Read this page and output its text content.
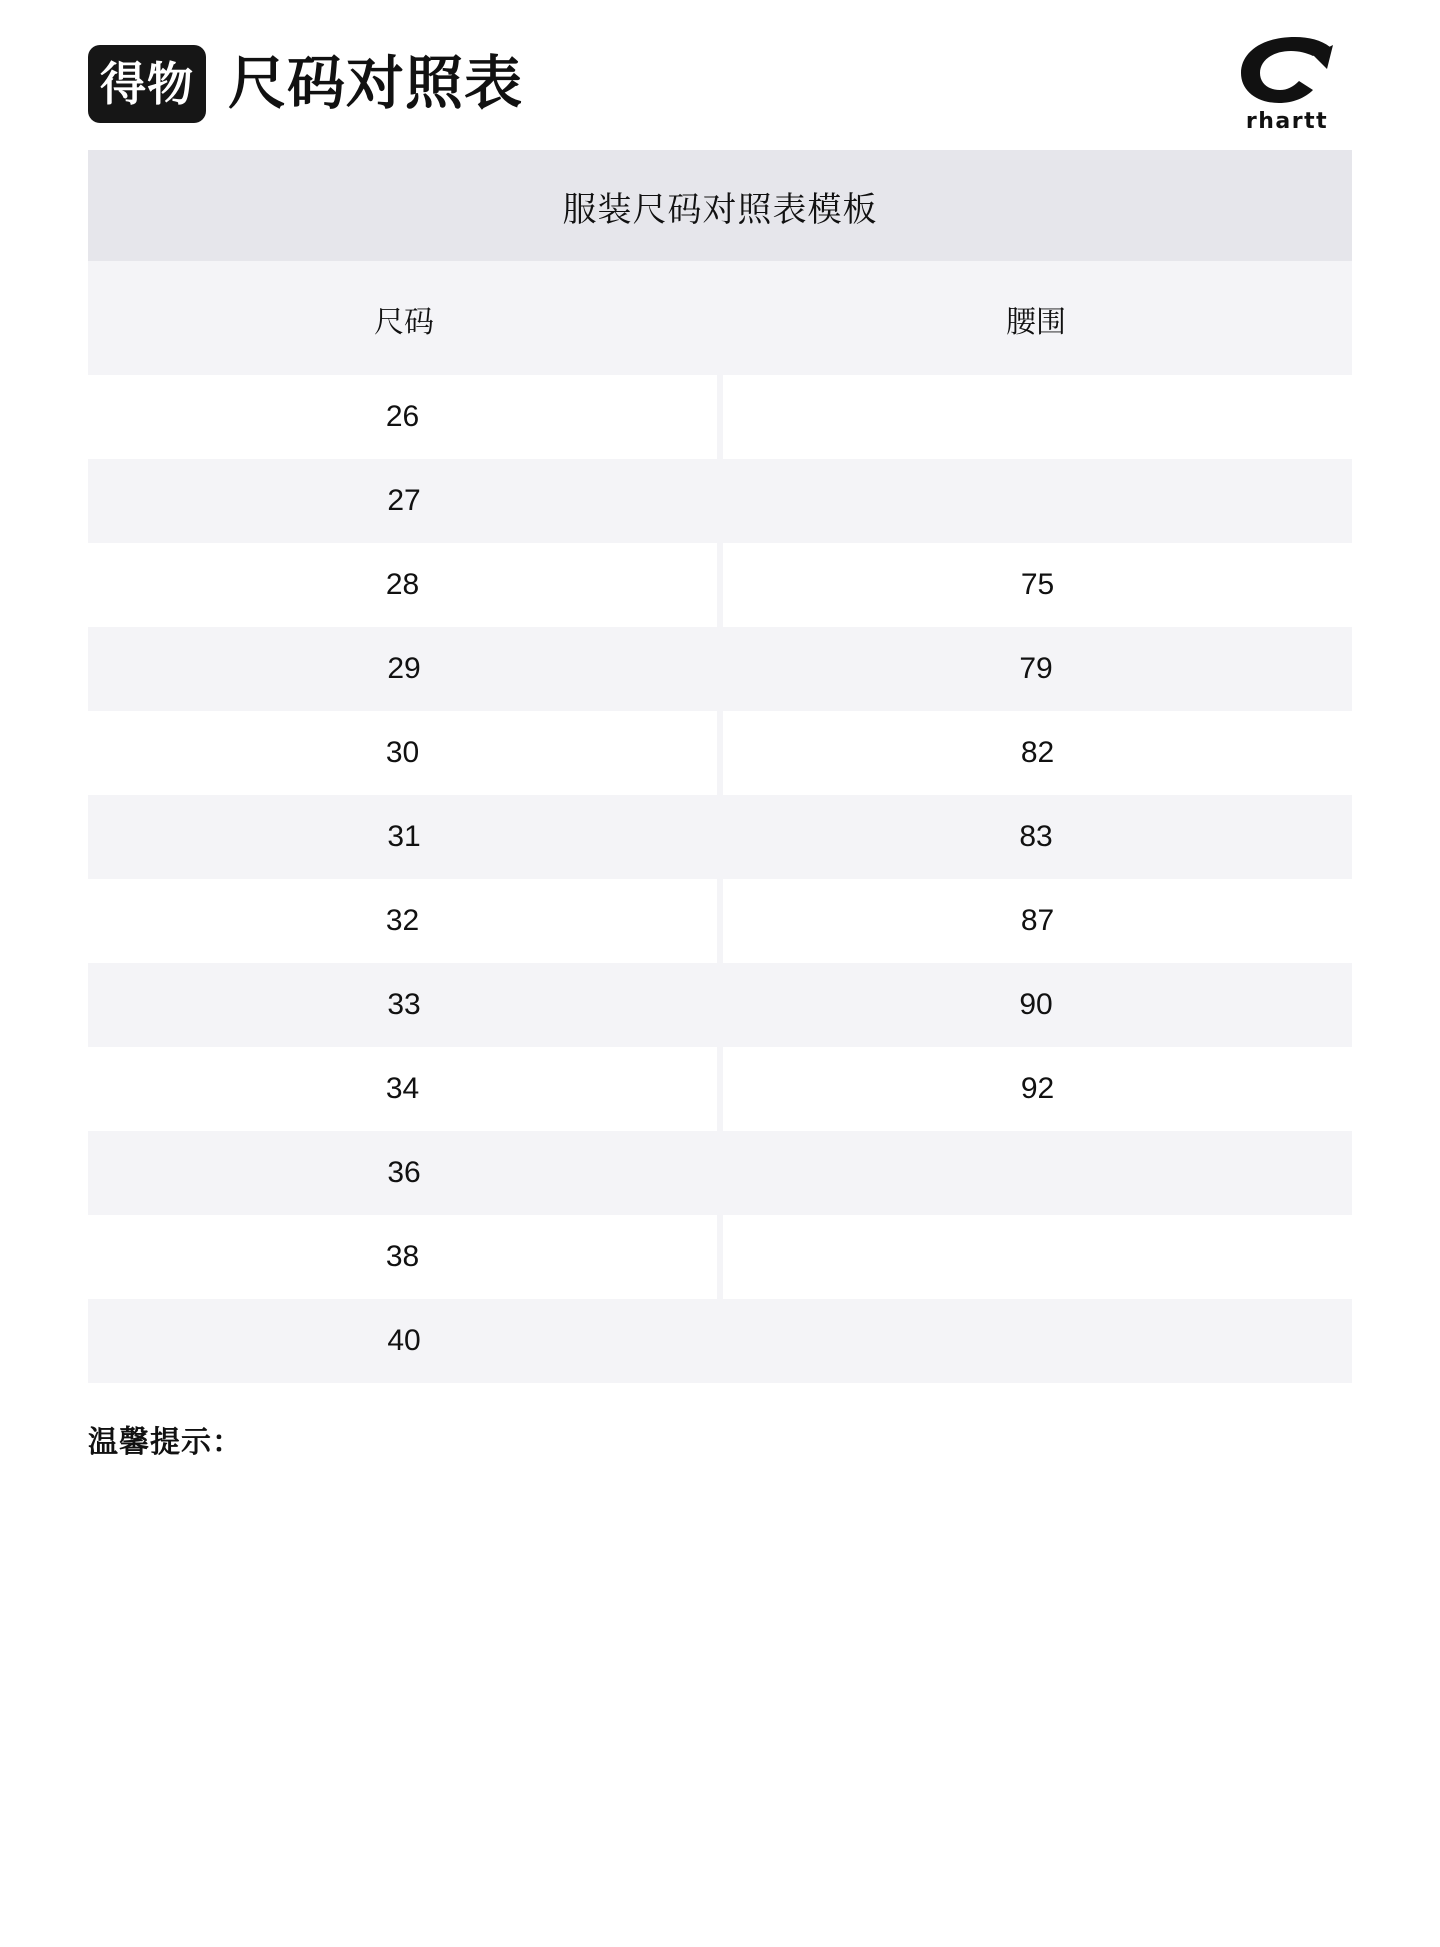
得物 尺码对照表
rhartt
服装尺码对照表模板
尺码	腰围
26	
27	
28	75
29	79
30	82
31	83
32	87
33	90
34	92
36	
38	
40	
温馨提示：
